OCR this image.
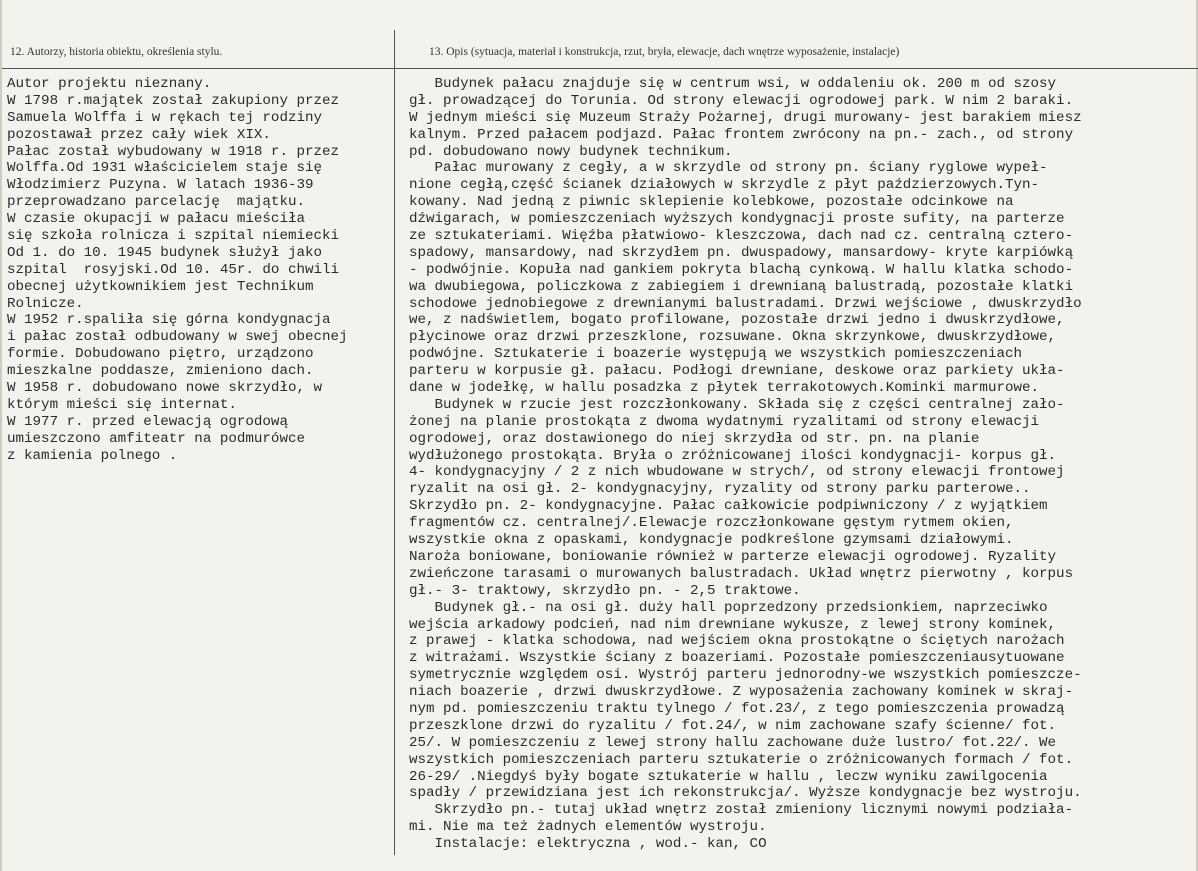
12. Autorzy, historia obiektu, określenia stylu.	13. Opis (sytuacja, materiał i konstrukcja, rzut, bryła, elewacje, dach wnętrze wyposażenie, instalacje)
Autor projektu nieznany.
W 1798 r.majątek został zakupiony przez
Samuela Wolffa i w rękach tej rodziny
pozostawał przez cały wiek XIX.
Pałac został wybudowany w 1918 r. przez
Wolffa.Od 1931 właścicielem staje się
Włodzimierz Puzyna. W latach 1936-39
przeprowadzano parcelację  majątku.
W czasie okupacji w pałacu mieściła
się szkoła rolnicza i szpital niemiecki
Od 1. do 10. 1945 budynek służył jako
szpital  rosyjski.Od 10. 45r. do chwili
obecnej użytkownikiem jest Technikum
Rolnicze.
W 1952 r.spaliła się górna kondygnacja
i pałac został odbudowany w swej obecnej
formie. Dobudowano piętro, urządzono
mieszkalne poddasze, zmieniono dach.
W 1958 r. dobudowano nowe skrzydło, w
którym mieści się internat.
W 1977 r. przed elewacją ogrodową
umieszczono amfiteatr na podmurówce
z kamienia polnego .
Budynek pałacu znajduje się w centrum wsi, w oddaleniu ok. 200 m od szosy
gł. prowadzącej do Torunia. Od strony elewacji ogrodowej park. W nim 2 baraki.
W jednym mieści się Muzeum Straży Pożarnej, drugi murowany- jest barakiem miesz
kalnym. Przed pałacem podjazd. Pałac frontem zwrócony na pn.- zach., od strony
pd. dobudowano nowy budynek technikum.
Pałac murowany z cegły, a w skrzydle od strony pn. ściany ryglowe wypeł-
nione cegłą,część ścianek działowych w skrzydle z płyt paździerzowych.Tyn-
kowany. Nad jedną z piwnic sklepienie kolebkowe, pozostałe odcinkowe na
dźwigarach, w pomieszczeniach wyższych kondygnacji proste sufity, na parterze
ze sztukateriami. Więźba płatwiowo- kleszczowa, dach nad cz. centralną cztero-
spadowy, mansardowy, nad skrzydłem pn. dwuspadowy, mansardowy- kryte karpiówką
- podwójnie. Kopuła nad gankiem pokryta blachą cynkową. W hallu klatka schodo-
wa dwubiegowa, policzkowa z zabiegiem i drewnianą balustradą, pozostałe klatki
schodowe jednobiegowe z drewnianymi balustradami. Drzwi wejściowe , dwuskrzydło
we, z nadświetlem, bogato profilowane, pozostałe drzwi jedno i dwuskrzydłowe,
płycinowe oraz drzwi przeszklone, rozsuwane. Okna skrzynkowe, dwuskrzydłowe,
podwójne. Sztukaterie i boazerie występują we wszystkich pomieszczeniach
parteru w korpusie gł. pałacu. Podłogi drewniane, deskowe oraz parkiety ukła-
dane w jodełkę, w hallu posadzka z płytek terrakotowych.Kominki marmurowe.
Budynek w rzucie jest rozczłonkowany. Składa się z części centralnej zało-
żonej na planie prostokąta z dwoma wydatnymi ryzalitami od strony elewacji
ogrodowej, oraz dostawionego do niej skrzydła od str. pn. na planie
wydłużonego prostokąta. Bryła o zróżnicowanej ilości kondygnacji- korpus gł.
4- kondygnacyjny / 2 z nich wbudowane w strych/, od strony elewacji frontowej
ryzalit na osi gł. 2- kondygnacyjny, ryzality od strony parku parterowe..
Skrzydło pn. 2- kondygnacyjne. Pałac całkowicie podpiwniczony / z wyjątkiem
fragmentów cz. centralnej/.Elewacje rozczłonkowane gęstym rytmem okien,
wszystkie okna z opaskami, kondygnacje podkreślone gzymsami działowymi.
Naroża boniowane, boniowanie również w parterze elewacji ogrodowej. Ryzality
zwieńczone tarasami o murowanych balustradach. Układ wnętrz pierwotny , korpus
gł.- 3- traktowy, skrzydło pn. - 2,5 traktowe.
Budynek gł.- na osi gł. duży hall poprzedzony przedsionkiem, naprzeciwko
wejścia arkadowy podcień, nad nim drewniane wykusze, z lewej strony kominek,
z prawej - klatka schodowa, nad wejściem okna prostokątne o ściętych narożach
z witrażami. Wszystkie ściany z boazeriami. Pozostałe pomieszczeniausytuowane
symetrycznie względem osi. Wystrój parteru jednorodny-we wszystkich pomieszcze-
niach boazerie , drzwi dwuskrzydłowe. Z wyposażenia zachowany kominek w skraj-
nym pd. pomieszczeniu traktu tylnego / fot.23/, z tego pomieszczenia prowadzą
przeszklone drzwi do ryzalitu / fot.24/, w nim zachowane szafy ścienne/ fot.
25/. W pomieszczeniu z lewej strony hallu zachowane duże lustro/ fot.22/. We
wszystkich pomieszczeniach parteru sztukaterie o zróżnicowanych formach / fot.
26-29/ .Niegdyś były bogate sztukaterie w hallu , leczw wyniku zawilgocenia
spadły / przewidziana jest ich rekonstrukcja/. Wyższe kondygnacje bez wystroju.
Skrzydło pn.- tutaj układ wnętrz został zmieniony licznymi nowymi podziała-
mi. Nie ma też żadnych elementów wystroju.
Instalacje: elektryczna , wod.- kan, CO
